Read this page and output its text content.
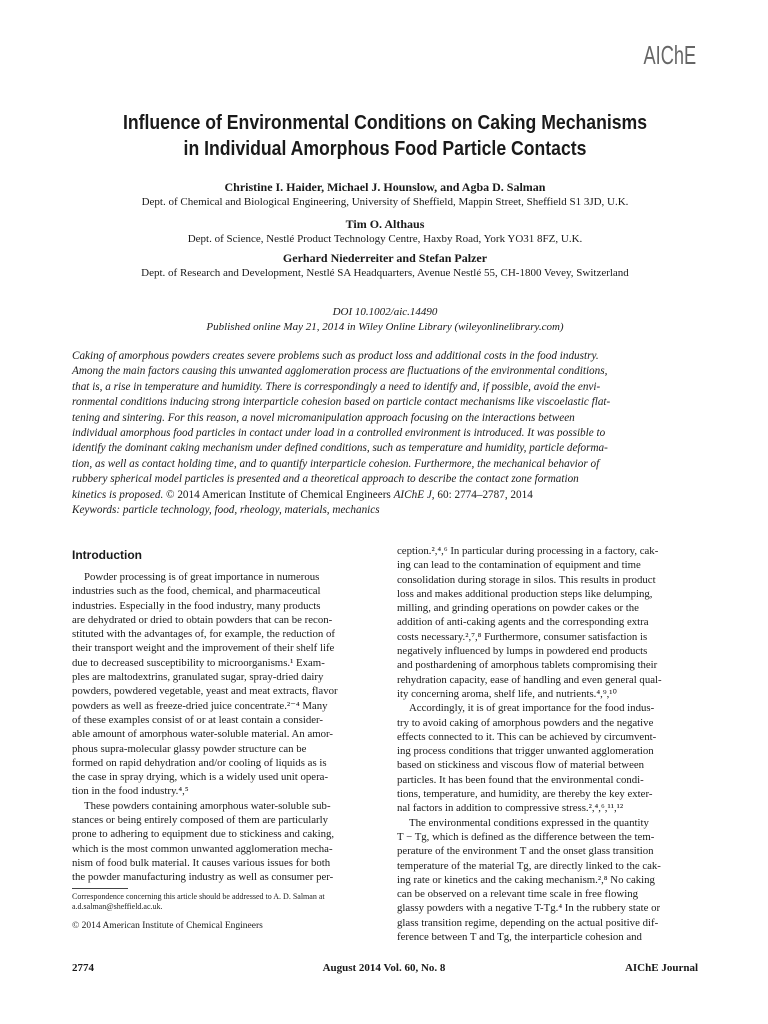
AIChE
Influence of Environmental Conditions on Caking Mechanisms
in Individual Amorphous Food Particle Contacts
Christine I. Haider, Michael J. Hounslow, and Agba D. Salman
Dept. of Chemical and Biological Engineering, University of Sheffield, Mappin Street, Sheffield S1 3JD, U.K.
Tim O. Althaus
Dept. of Science, Nestlé Product Technology Centre, Haxby Road, York YO31 8FZ, U.K.
Gerhard Niederreiter and Stefan Palzer
Dept. of Research and Development, Nestlé SA Headquarters, Avenue Nestlé 55, CH-1800 Vevey, Switzerland
DOI 10.1002/aic.14490
Published online May 21, 2014 in Wiley Online Library (wileyonlinelibrary.com)
Caking of amorphous powders creates severe problems such as product loss and additional costs in the food industry.
Among the main factors causing this unwanted agglomeration process are fluctuations of the environmental conditions,
that is, a rise in temperature and humidity. There is correspondingly a need to identify and, if possible, avoid the envi-
ronmental conditions inducing strong interparticle cohesion based on particle contact mechanisms like viscoelastic flat-
tening and sintering. For this reason, a novel micromanipulation approach focusing on the interactions between
individual amorphous food particles in contact under load in a controlled environment is introduced. It was possible to
identify the dominant caking mechanism under defined conditions, such as temperature and humidity, particle deforma-
tion, as well as contact holding time, and to quantify interparticle cohesion. Furthermore, the mechanical behavior of
rubbery spherical model particles is presented and a theoretical approach to describe the contact zone formation
kinetics is proposed. © 2014 American Institute of Chemical Engineers AIChE J, 60: 2774–2787, 2014
Keywords: particle technology, food, rheology, materials, mechanics
Introduction
Powder processing is of great importance in numerous
industries such as the food, chemical, and pharmaceutical
industries. Especially in the food industry, many products
are dehydrated or dried to obtain powders that can be recon-
stituted with the advantages of, for example, the reduction of
their transport weight and the improvement of their shelf life
due to decreased susceptibility to microorganisms.¹ Exam-
ples are maltodextrins, granulated sugar, spray-dried dairy
powders, powdered vegetable, yeast and meat extracts, flavor
powders as well as freeze-dried juice concentrate.²⁻⁴ Many
of these examples consist of or at least contain a consider-
able amount of amorphous water-soluble material. An amor-
phous supra-molecular glassy powder structure can be
formed on rapid dehydration and/or cooling of liquids as is
the case in spray drying, which is a widely used unit opera-
tion in the food industry.⁴,⁵
These powders containing amorphous water-soluble sub-
stances or being entirely composed of them are particularly
prone to adhering to equipment due to stickiness and caking,
which is the most common unwanted agglomeration mecha-
nism of food bulk material. It causes various issues for both
the powder manufacturing industry as well as consumer per-
ception.²,⁴,⁶ In particular during processing in a factory, cak-
ing can lead to the contamination of equipment and time
consolidation during storage in silos. This results in product
loss and makes additional production steps like delumping,
milling, and grinding operations on powder cakes or the
addition of anti-caking agents and the corresponding extra
costs necessary.²,⁷,⁸ Furthermore, consumer satisfaction is
negatively influenced by lumps in powdered end products
and posthardening of amorphous tablets compromising their
rehydration capacity, ease of handling and even general qual-
ity concerning aroma, shelf life, and nutrients.⁴,⁹,¹⁰
Accordingly, it is of great importance for the food indus-
try to avoid caking of amorphous powders and the negative
effects connected to it. This can be achieved by circumvent-
ing process conditions that trigger unwanted agglomeration
based on stickiness and viscous flow of material between
particles. It has been found that the environmental condi-
tions, temperature, and humidity, are thereby the key exter-
nal factors in addition to compressive stress.²,⁴,⁶,¹¹,¹²
The environmental conditions expressed in the quantity
T − Tg, which is defined as the difference between the tem-
perature of the environment T and the onset glass transition
temperature of the material Tg, are directly linked to the cak-
ing rate or kinetics and the caking mechanism.²,⁸ No caking
can be observed on a relevant time scale in free flowing
glassy powders with a negative T-Tg.⁴ In the rubbery state or
glass transition regime, depending on the actual positive dif-
ference between T and Tg, the interparticle cohesion and
Correspondence concerning this article should be addressed to A. D. Salman at a.d.salman@sheffield.ac.uk.
© 2014 American Institute of Chemical Engineers
2774	August 2014 Vol. 60, No. 8	AIChE Journal
